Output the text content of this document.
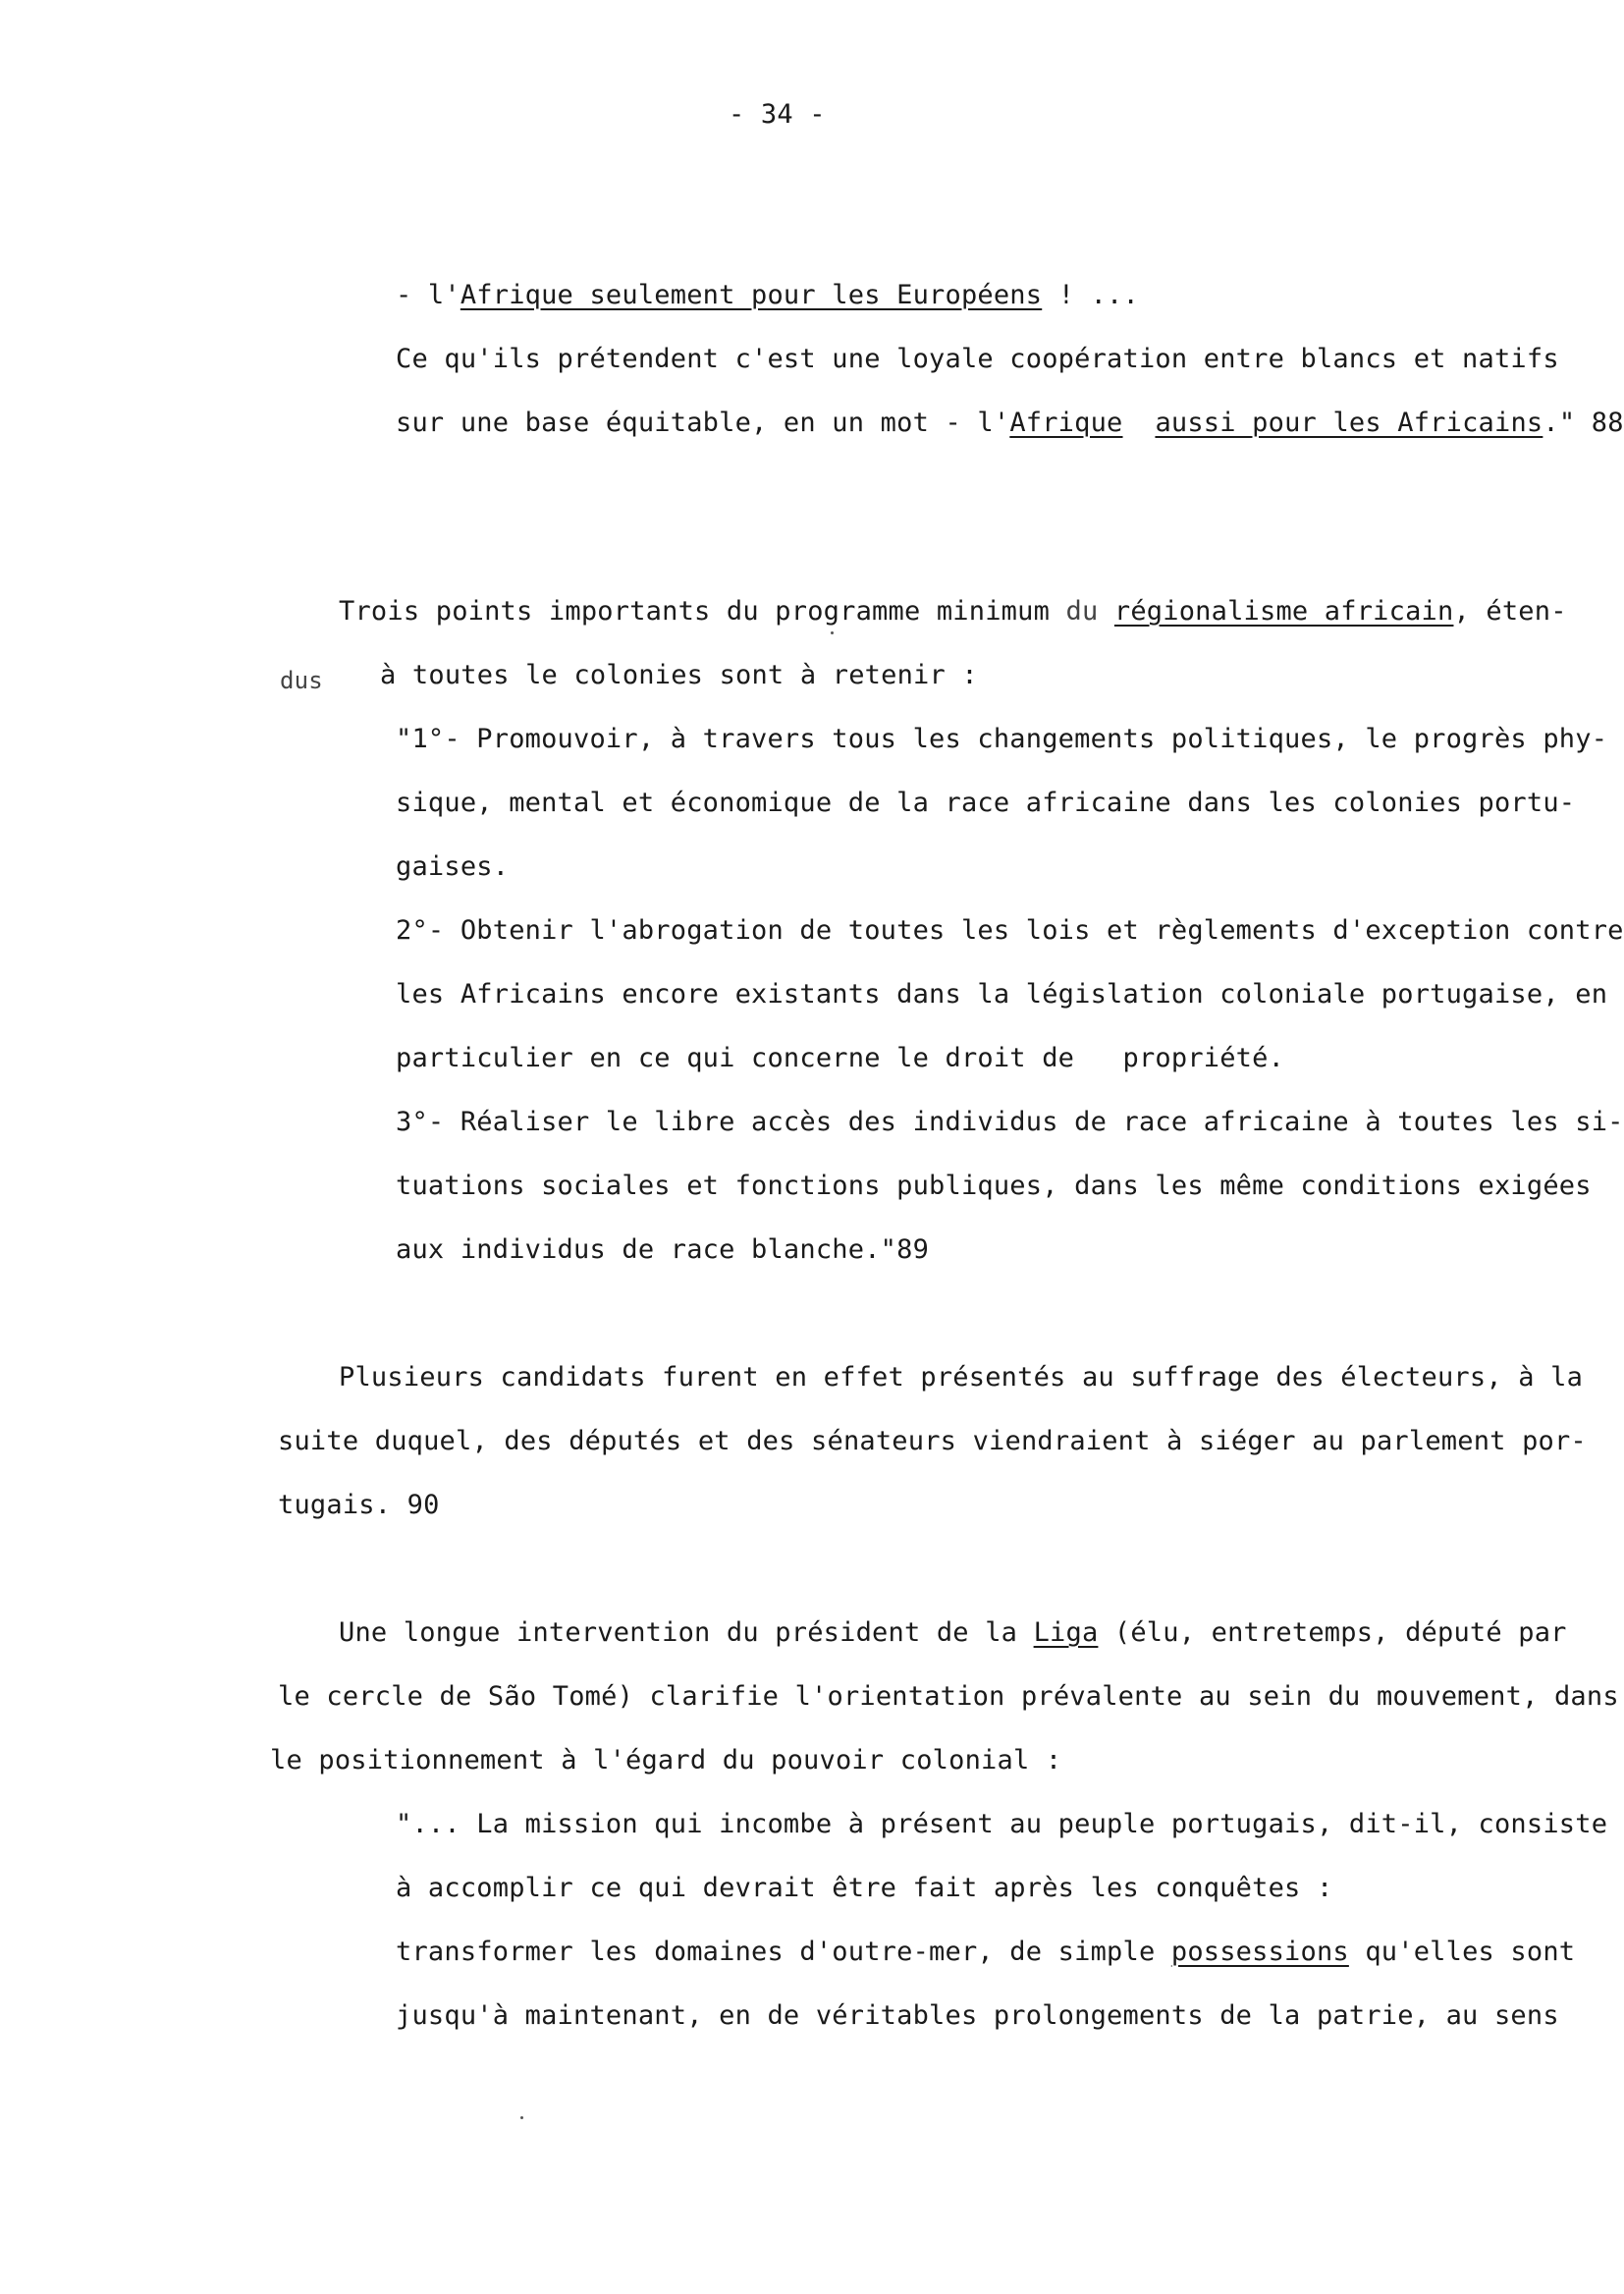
- 34 -
- l'Afrique seulement pour les Européens ! ...
Ce qu'ils prétendent c'est une loyale coopération entre blancs et natifs
sur une base équitable, en un mot - l'Afrique aussi pour les Africains." 88
Trois points importants du programme minimum du régionalisme africain, éten-
dus à toutes le colonies sont à retenir :
"1°- Promouvoir, à travers tous les changements politiques, le progrès phy-
sique, mental et économique de la race africaine dans les colonies portu-
gaises.
2°- Obtenir l'abrogation de toutes les lois et règlements d'exception contre
les Africains encore existants dans la législation coloniale portugaise, en
particulier en ce qui concerne le droit de   propriété.
3°- Réaliser le libre accès des individus de race africaine à toutes les si-
tuations sociales et fonctions publiques, dans les même conditions exigées
aux individus de race blanche."89
Plusieurs candidats furent en effet présentés au suffrage des électeurs, à la
suite duquel, des députés et des sénateurs viendraient à siéger au parlement por-
tugais. 90
Une longue intervention du président de la Liga (élu, entretemps, député par
le cercle de São Tomé) clarifie l'orientation prévalente au sein du mouvement, dans
le positionnement à l'égard du pouvoir colonial :
"... La mission qui incombe à présent au peuple portugais, dit-il, consiste
à accomplir ce qui devrait être fait après les conquêtes :
transformer les domaines d'outre-mer, de simple possessions qu'elles sont
jusqu'à maintenant, en de véritables prolongements de la patrie, au sens
